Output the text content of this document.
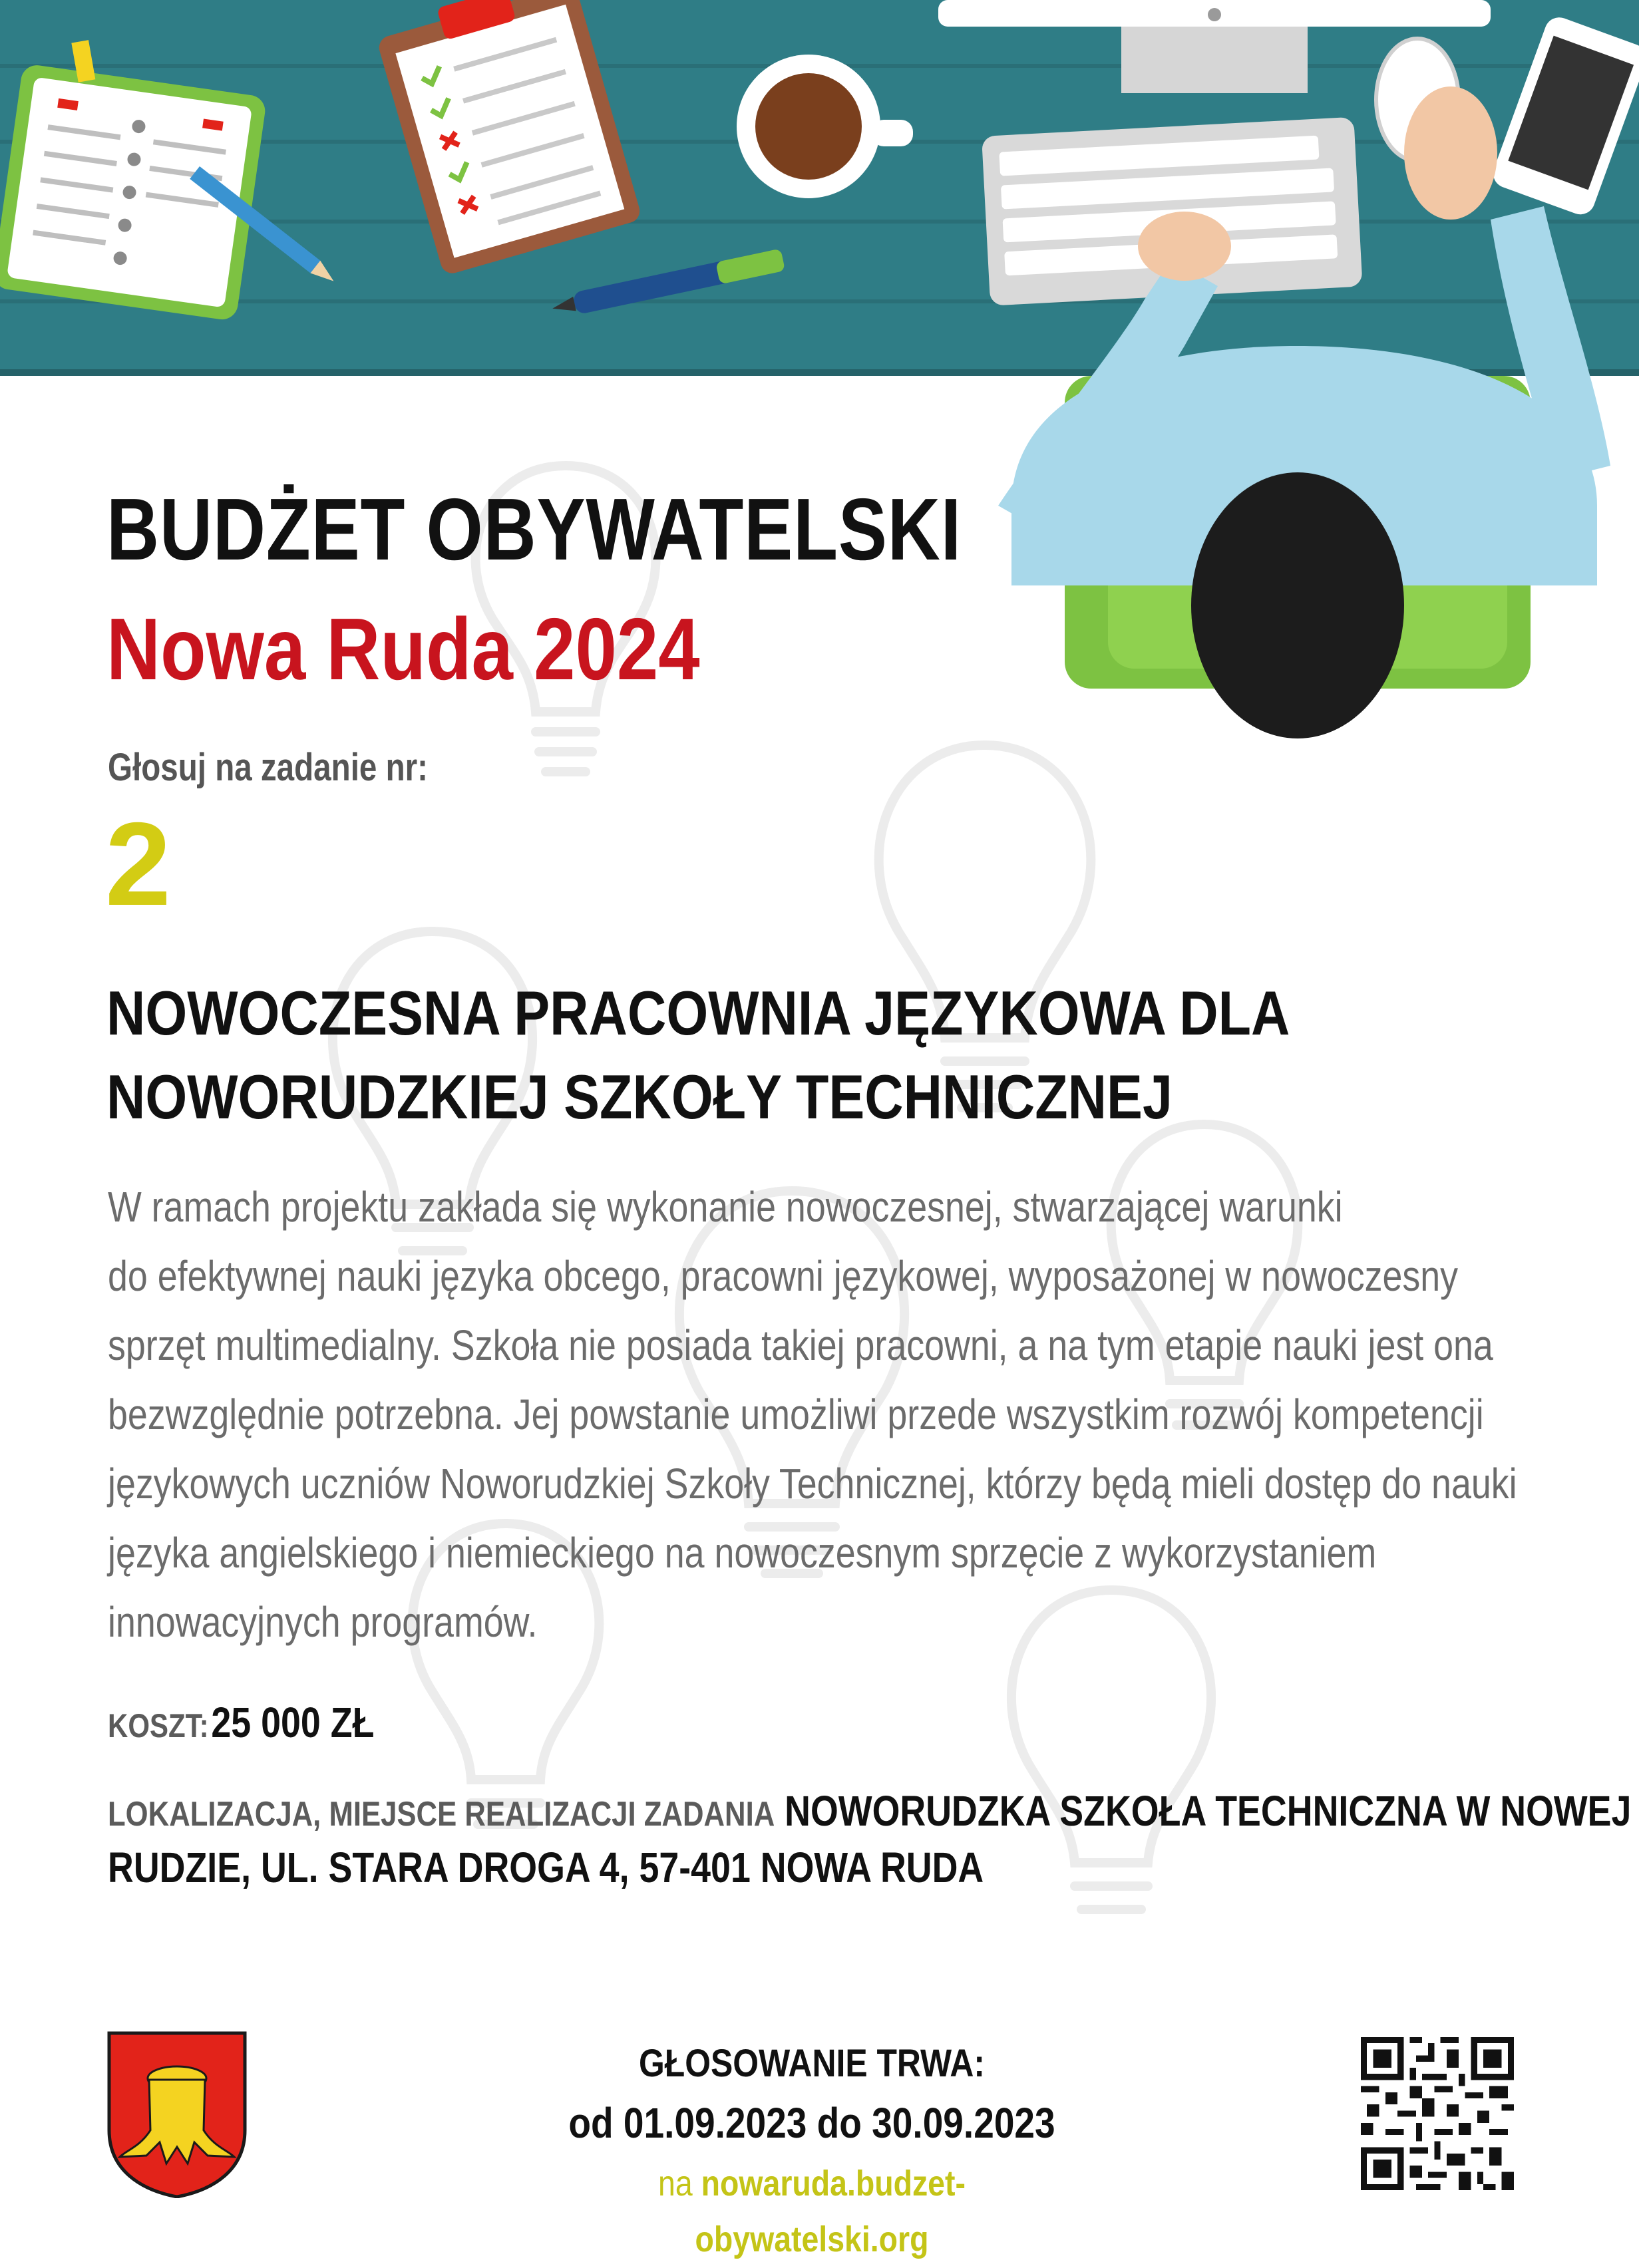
BUDŻET OBYWATELSKI
Nowa Ruda 2024
Głosuj na zadanie nr:
2
NOWOCZESNA PRACOWNIA JĘZYKOWA DLA
NOWORUDZKIEJ SZKOŁY TECHNICZNEJ
W ramach projektu zakłada się wykonanie nowoczesnej, stwarzającej warunki
do efektywnej nauki języka obcego, pracowni językowej, wyposażonej w nowoczesny
sprzęt multimedialny. Szkoła nie posiada takiej pracowni, a na tym etapie nauki jest ona
bezwzględnie potrzebna. Jej powstanie umożliwi przede wszystkim rozwój kompetencji
językowych uczniów Noworudzkiej Szkoły Technicznej, którzy będą mieli dostęp do nauki
języka angielskiego i niemieckiego na nowoczesnym sprzęcie z wykorzystaniem
innowacyjnych programów.
KOSZT: 25 000 ZŁ
LOKALIZACJA, MIEJSCE REALIZACJI ZADANIA NOWORUDZKA SZKOŁA TECHNICZNA W NOWEJ
RUDZIE, UL. STARA DROGA 4, 57-401 NOWA RUDA
GŁOSOWANIE TRWA:
od 01.09.2023 do 30.09.2023
na nowaruda.budzet-obywatelski.org
